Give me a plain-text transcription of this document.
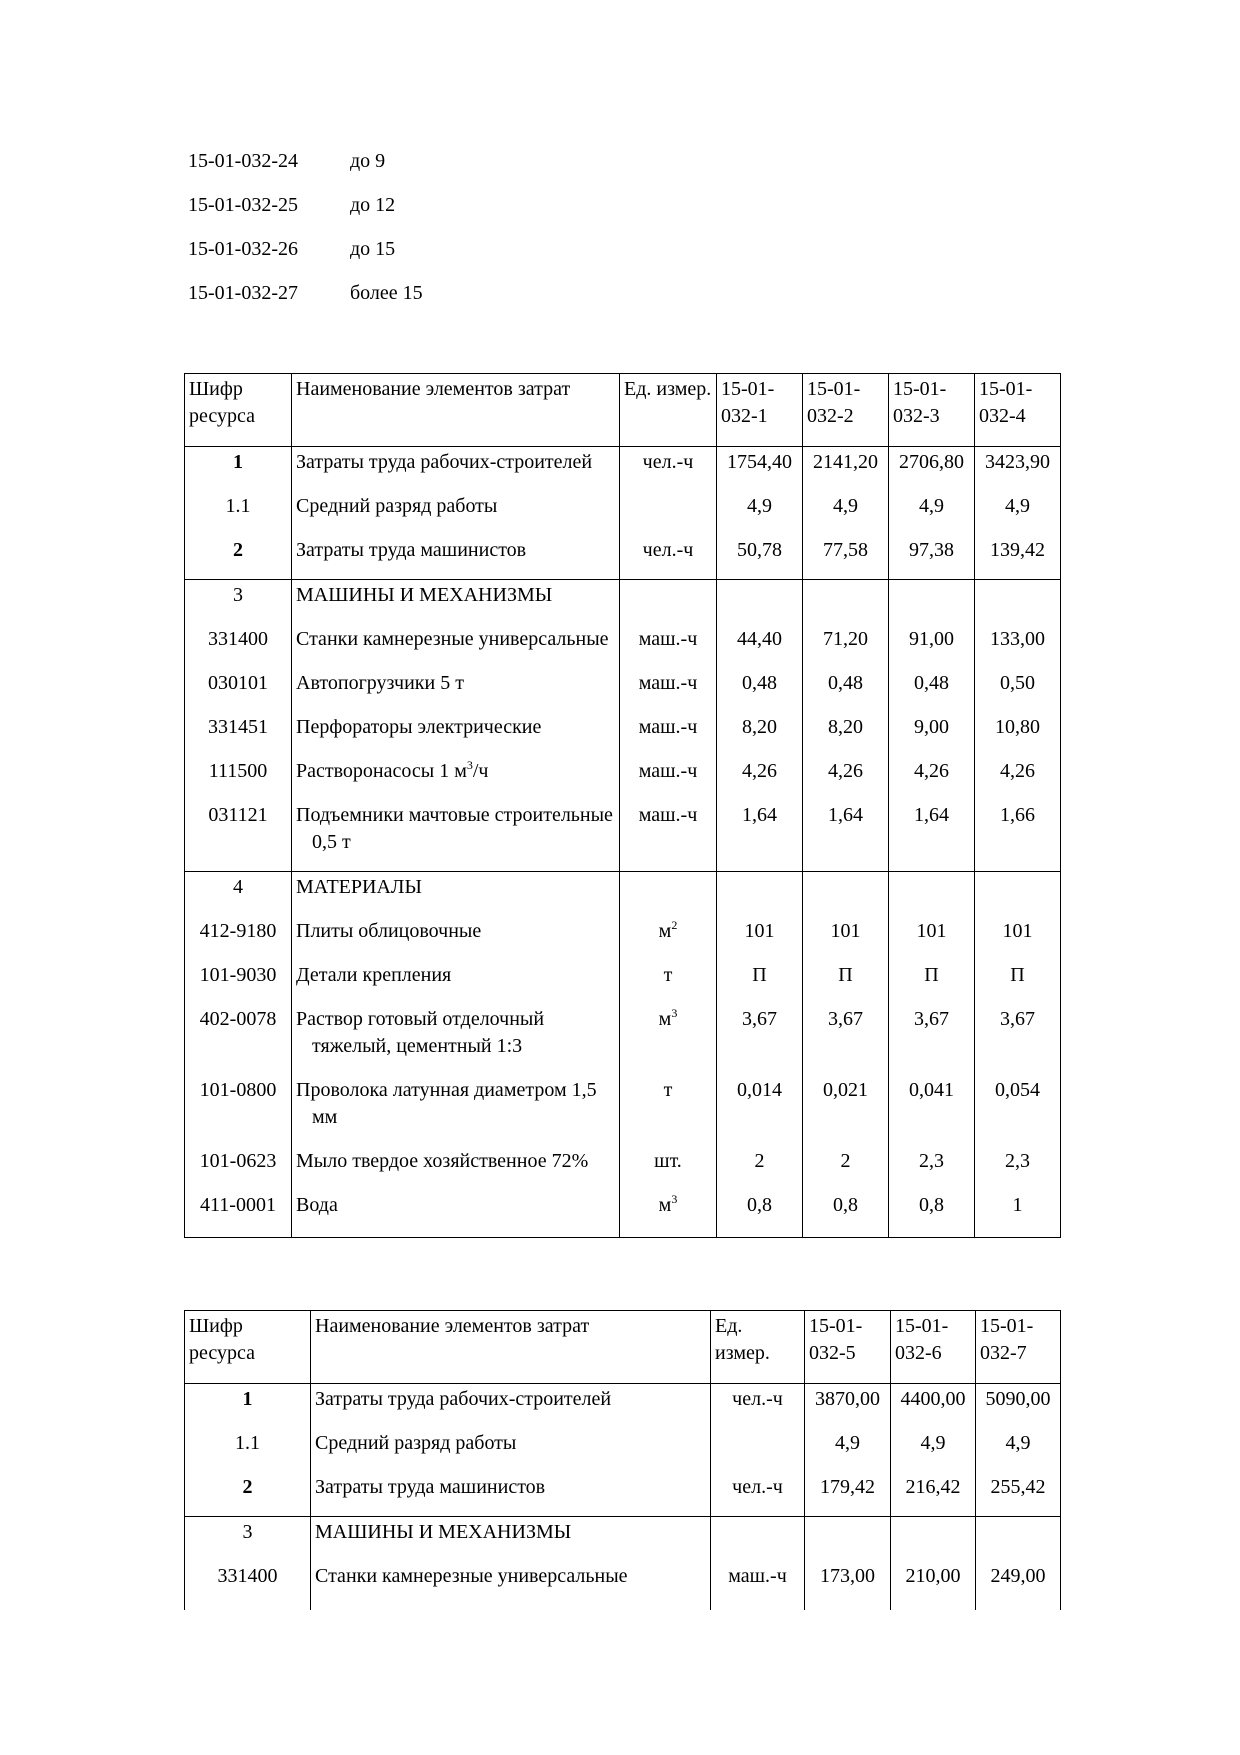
15-01-032-24	до 9
15-01-032-25	до 12
15-01-032-26	до 15
15-01-032-27	более 15
Шифр ресурса	Наименование элементов затрат	Ед. измер.	15-01-032-1	15-01-032-2	15-01-032-3	15-01-032-4
1	Затраты труда рабочих-строителей	чел.-ч	1754,40	2141,20	2706,80	3423,90
1.1	Средний разряд работы		4,9	4,9	4,9	4,9
2	Затраты труда машинистов	чел.-ч	50,78	77,58	97,38	139,42
3	МАШИНЫ И МЕХАНИЗМЫ					

331400	Станки камнерезные универсальные	маш.-ч	44,40	71,20	91,00	133,00
030101	Автопогрузчики 5 т	маш.-ч	0,48	0,48	0,48	0,50
331451	Перфораторы электрические	маш.-ч	8,20	8,20	9,00	10,80
111500	Растворонасосы 1 $м^3/ч$	маш.-ч	4,26	4,26	4,26	4,26
031121	Подъемники мачтовые строительные 0,5 т	маш.-ч	1,64	1,64	1,64	1,66
4	МАТЕРИАЛЫ					

412-9180	Плиты облицовочные	$м^2$	101	101	101	101
101-9030	Детали крепления	т	П	П	П	П
402-0078	Раствор готовый отделочный тяжелый, цементный 1:3	$м^3$	3,67	3,67	3,67	3,67
101-0800	Проволока латунная диаметром 1,5 мм	т	0,014	0,021	0,041	0,054
101-0623	Мыло твердое хозяйственное 72%	шт.	2	2	2,3	2,3
411-0001	Вода	$м^3$	0,8	0,8	0,8	1
Шифр ресурса	Наименование элементов затрат	Ед. измер.	15-01-032-5	15-01-032-6	15-01-032-7
1	Затраты труда рабочих-строителей	чел.-ч	3870,00	4400,00	5090,00
1.1	Средний разряд работы		4,9	4,9	4,9
2	Затраты труда машинистов	чел.-ч	179,42	216,42	255,42
3	МАШИНЫ И МЕХАНИЗМЫ				

331400	Станки камнерезные универсальные	маш.-ч	173,00	210,00	249,00
